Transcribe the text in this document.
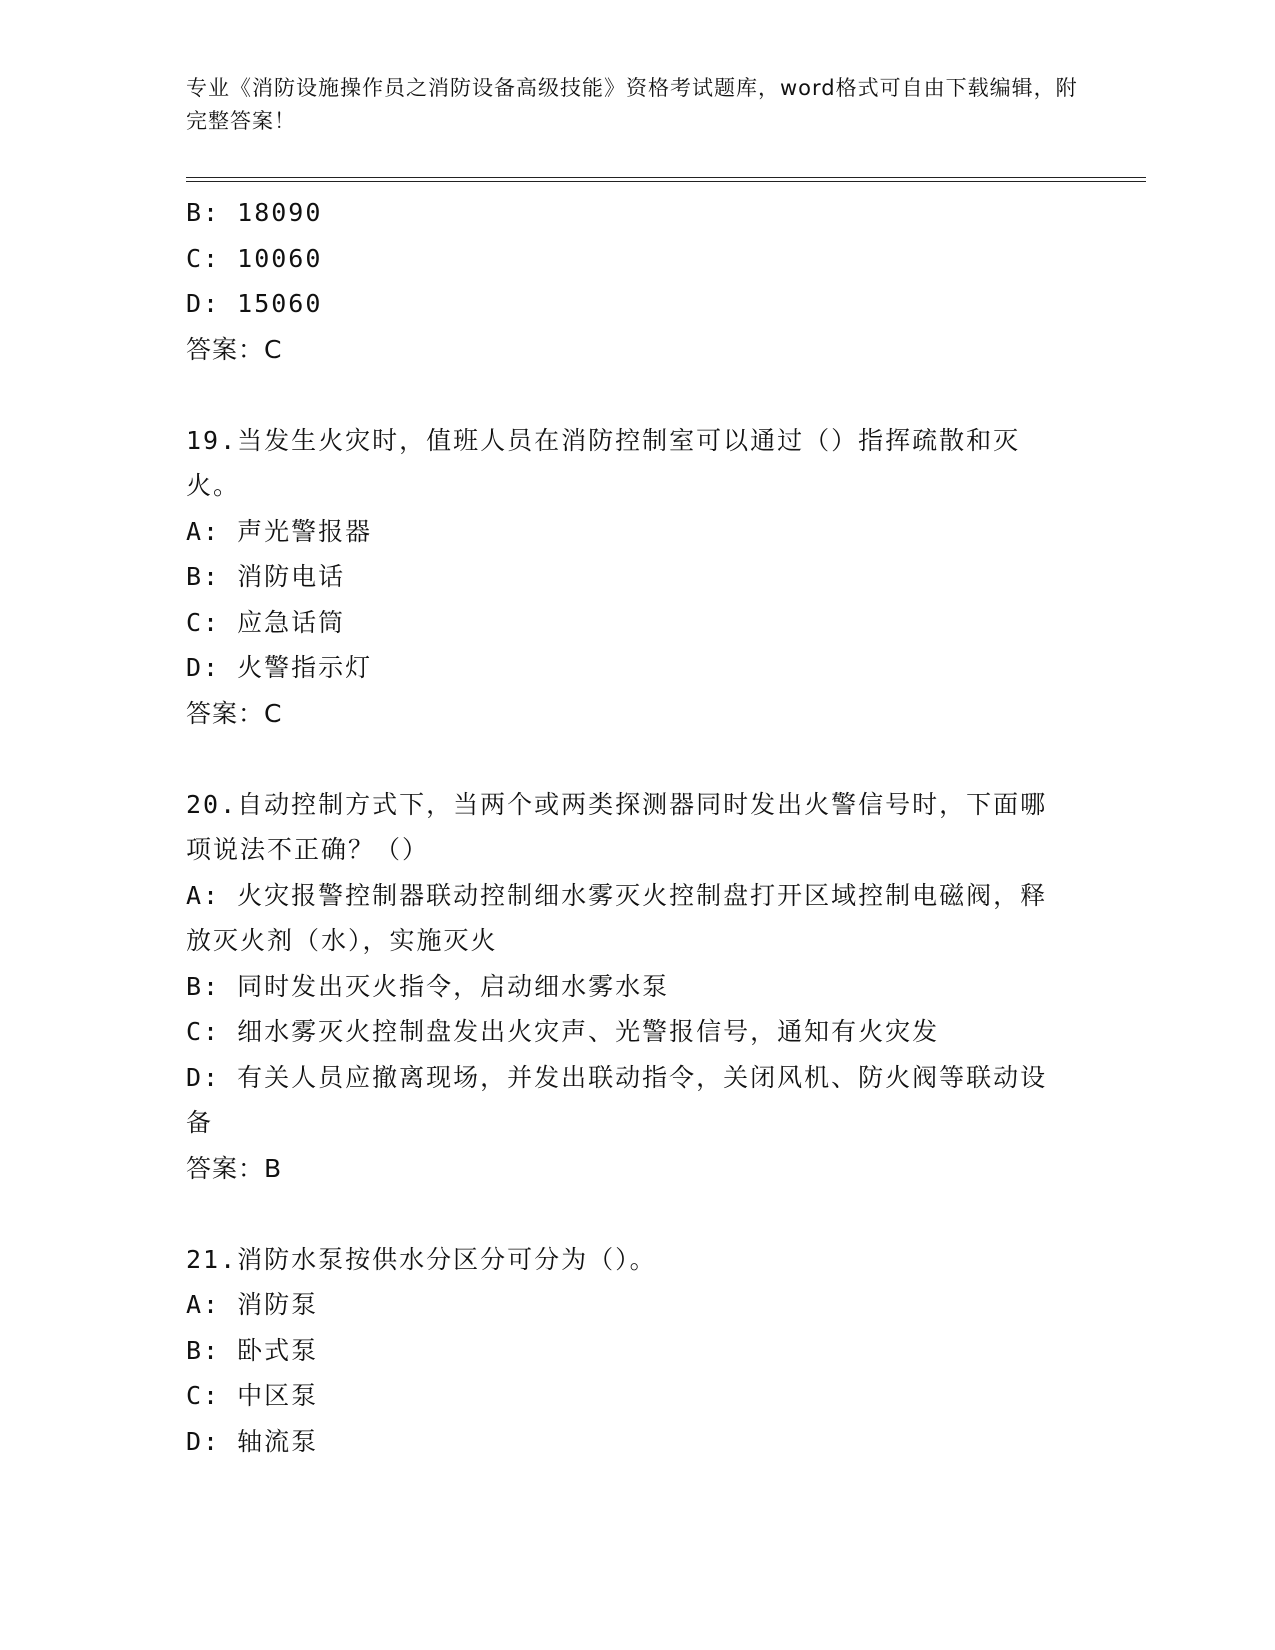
专业《消防设施操作员之消防设备高级技能》资格考试题库，word格式可自由下载编辑，附完整答案！
B: 18090
C: 10060
D: 15060
答案：C
19.当发生火灾时，值班人员在消防控制室可以通过（）指挥疏散和灭火。
A: 声光警报器
B: 消防电话
C: 应急话筒
D: 火警指示灯
答案：C
20.自动控制方式下，当两个或两类探测器同时发出火警信号时，下面哪项说法不正确？（）
A: 火灾报警控制器联动控制细水雾灭火控制盘打开区域控制电磁阀，释放灭火剂（水），实施灭火
B: 同时发出灭火指令，启动细水雾水泵
C: 细水雾灭火控制盘发出火灾声、光警报信号，通知有火灾发
D: 有关人员应撤离现场，并发出联动指令，关闭风机、防火阀等联动设备
答案：B
21.消防水泵按供水分区分可分为（）。
A: 消防泵
B: 卧式泵
C: 中区泵
D: 轴流泵
